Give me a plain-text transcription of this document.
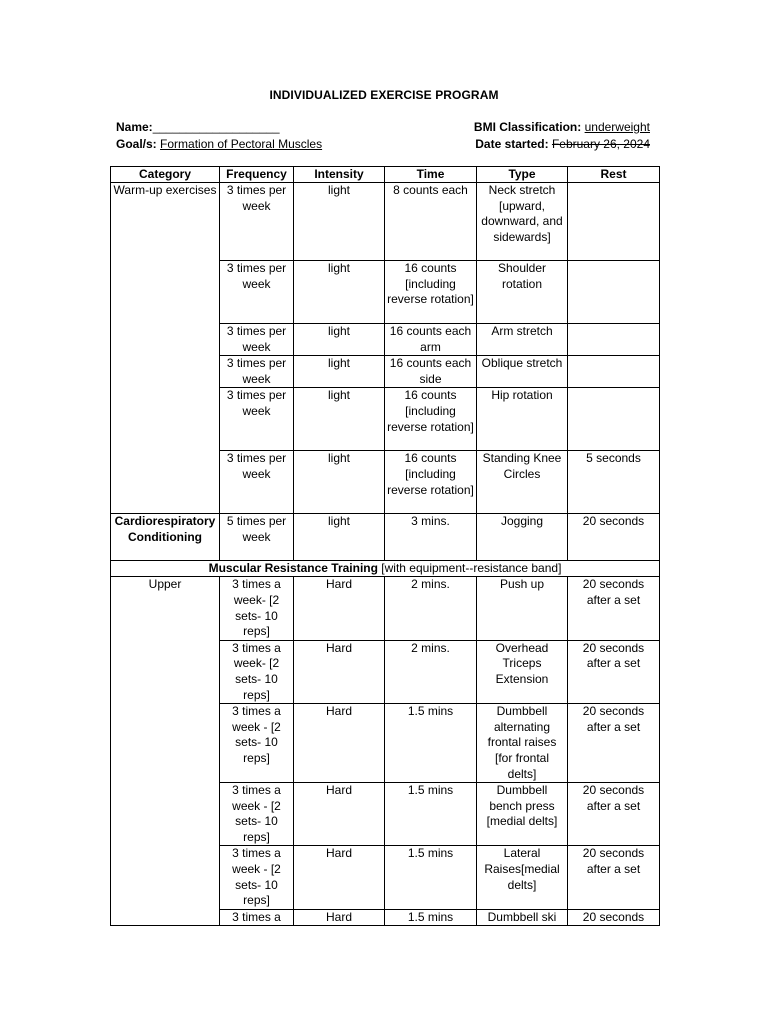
INDIVIDUALIZED EXERCISE PROGRAM
Name:___________________
Goal/s: Formation of Pectoral Muscles
BMI Classification: underweight
Date started: February 26, 2024
Category	Frequency	Intensity	Time	Type	Rest
Warm-up exercises	3 times per week	light	8 counts each	Neck stretch [upward, downward, and sidewards]	
	3 times per week	light	16 counts [including reverse rotation]	Shoulder rotation	
	3 times per week	light	16 counts each arm	Arm stretch	
	3 times per week	light	16 counts each side	Oblique stretch	
	3 times per week	light	16 counts [including reverse rotation]	Hip rotation	
	3 times per week	light	16 counts [including reverse rotation]	Standing Knee Circles	5 seconds
Cardiorespiratory Conditioning	5 times per week	light	3 mins.	Jogging	20 seconds
Muscular Resistance Training [with equipment--resistance band]					
Upper	3 times a week- [2 sets- 10 reps]	Hard	2 mins.	Push up	20 seconds after a set
	3 times a week- [2 sets- 10 reps]	Hard	2 mins.	Overhead Triceps Extension	20 seconds after a set
	3 times a week - [2 sets- 10 reps]	Hard	1.5 mins	Dumbbell alternating frontal raises [for frontal delts]	20 seconds after a set
	3 times a week - [2 sets- 10 reps]	Hard	1.5 mins	Dumbbell bench press [medial delts]	20 seconds after a set
	3 times a week - [2 sets- 10 reps]	Hard	1.5 mins	Lateral Raises[medial delts]	20 seconds after a set
	3 times a	Hard	1.5 mins	Dumbbell ski	20 seconds
